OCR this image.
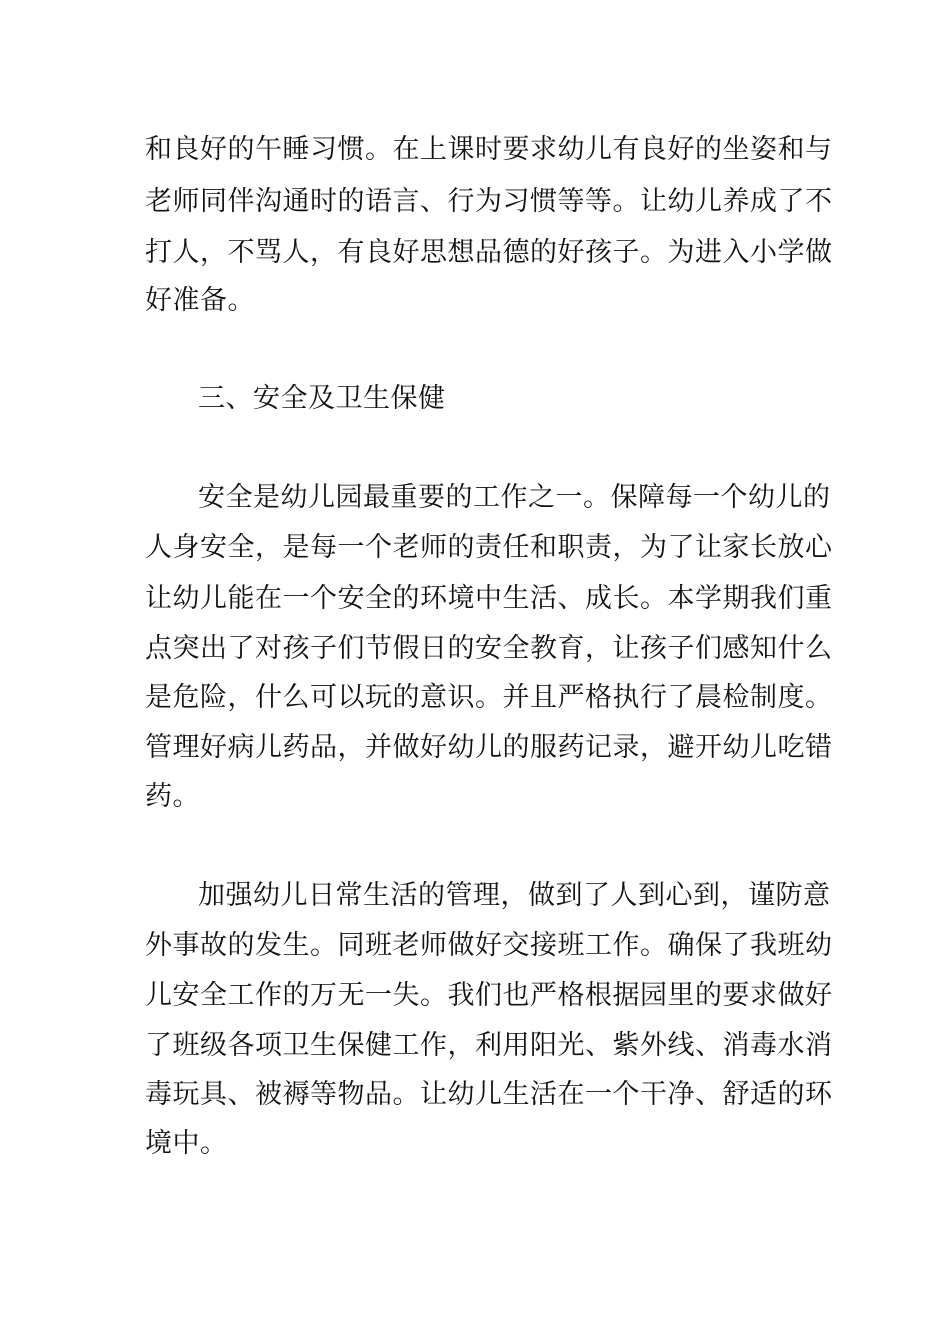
和良好的午睡习惯。在上课时要求幼儿有良好的坐姿和与
老师同伴沟通时的语言、行为习惯等等。让幼儿养成了不
打人，不骂人，有良好思想品德的好孩子。为进入小学做
好准备。
三、安全及卫生保健
安全是幼儿园最重要的工作之一。保障每一个幼儿的
人身安全，是每一个老师的责任和职责，为了让家长放心
让幼儿能在一个安全的环境中生活、成长。本学期我们重
点突出了对孩子们节假日的安全教育，让孩子们感知什么
是危险，什么可以玩的意识。并且严格执行了晨检制度。
管理好病儿药品，并做好幼儿的服药记录，避开幼儿吃错
药。
加强幼儿日常生活的管理，做到了人到心到，谨防意
外事故的发生。同班老师做好交接班工作。确保了我班幼
儿安全工作的万无一失。我们也严格根据园里的要求做好
了班级各项卫生保健工作，利用阳光、紫外线、消毒水消
毒玩具、被褥等物品。让幼儿生活在一个干净、舒适的环
境中。
